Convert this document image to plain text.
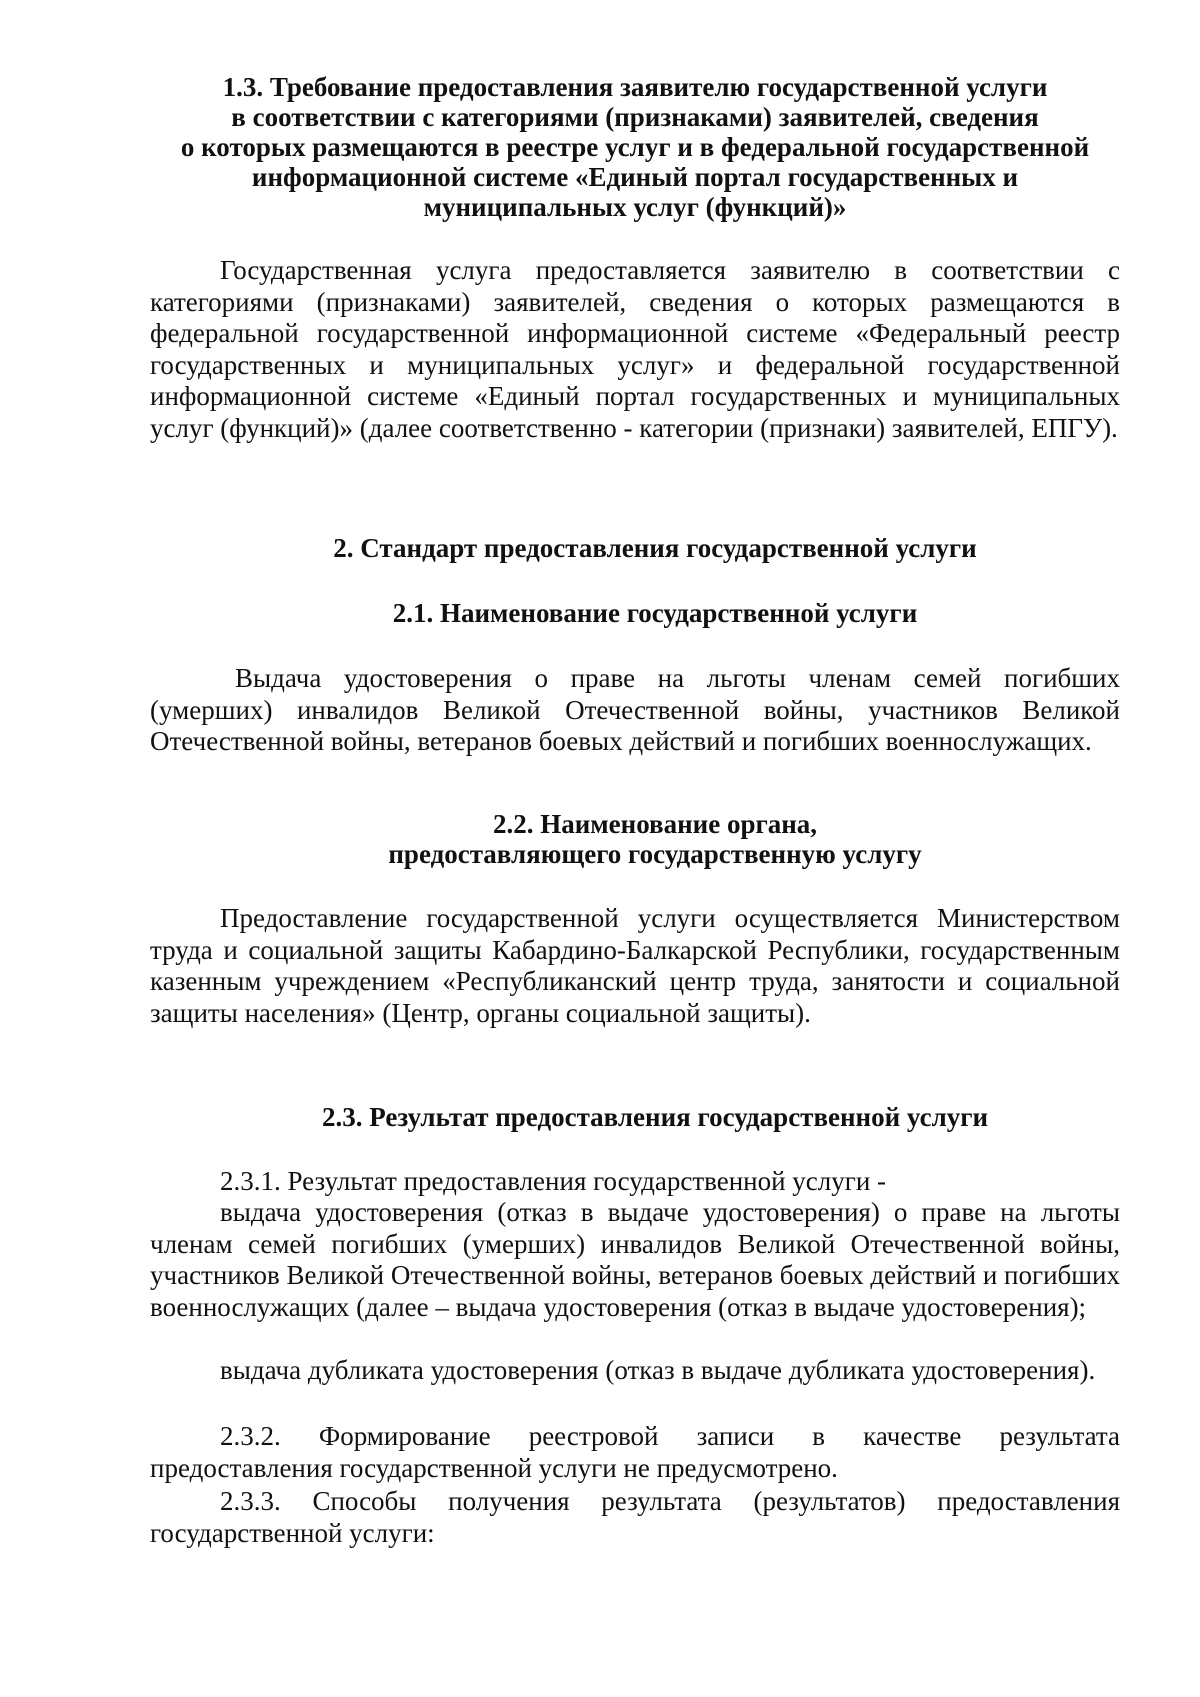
1.3. Требование предоставления заявителю государственной услуги
в соответствии с категориями (признаками) заявителей, сведения
о которых размещаются в реестре услуг и в федеральной государственной
информационной системе «Единый портал государственных и
муниципальных услуг (функций)»

Государственная услуга предоставляется заявителю в соответствии с категориями (признаками) заявителей, сведения о которых размещаются в федеральной государственной информационной системе «Федеральный реестр государственных и муниципальных услуг» и федеральной государственной информационной системе «Единый портал государственных и муниципальных услуг (функций)» (далее соответственно - категории (признаки) заявителей, ЕПГУ).

2. Стандарт предоставления государственной услуги
2.1. Наименование государственной услуги

Выдача удостоверения о праве на льготы членам семей погибших (умерших) инвалидов Великой Отечественной войны, участников Великой Отечественной войны, ветеранов боевых действий и погибших военнослужащих.

2.2. Наименование органа,
предоставляющего государственную услугу

Предоставление государственной услуги осуществляется Министерством труда и социальной защиты Кабардино-Балкарской Республики, государственным казенным учреждением «Республиканский центр труда, занятости и социальной защиты населения» (Центр, органы социальной защиты).

2.3. Результат предоставления государственной услуги

2.3.1. Результат предоставления государственной услуги -

выдача удостоверения (отказ в выдаче удостоверения) о праве на льготы членам семей погибших (умерших) инвалидов Великой Отечественной войны, участников Великой Отечественной войны, ветеранов боевых действий и погибших военнослужащих (далее – выдача удостоверения (отказ в выдаче удостоверения);

выдача дубликата удостоверения (отказ в выдаче дубликата удостоверения).

2.3.2. Формирование реестровой записи в качестве результата предоставления государственной услуги не предусмотрено.

2.3.3. Способы получения результата (результатов) предоставления государственной услуги:
